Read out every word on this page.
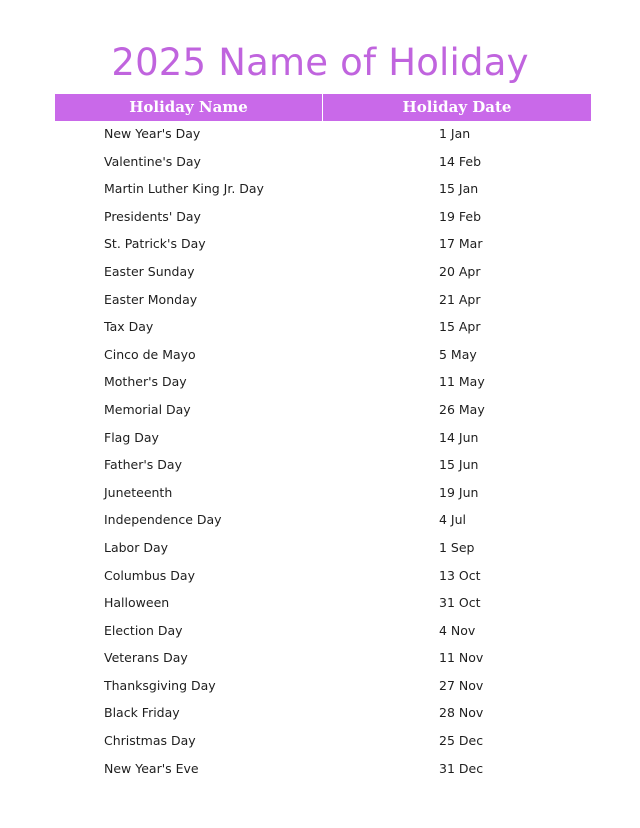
2025 Name of Holiday
Holiday Name	Holiday Date
New Year's Day	1 Jan
Valentine's Day	14 Feb
Martin Luther King Jr. Day	15 Jan
Presidents' Day	19 Feb
St. Patrick's Day	17 Mar
Easter Sunday	20 Apr
Easter Monday	21 Apr
Tax Day	15 Apr
Cinco de Mayo	5 May
Mother's Day	11 May
Memorial Day	26 May
Flag Day	14 Jun
Father's Day	15 Jun
Juneteenth	19 Jun
Independence Day	4 Jul
Labor Day	1 Sep
Columbus Day	13 Oct
Halloween	31 Oct
Election Day	4 Nov
Veterans Day	11 Nov
Thanksgiving Day	27 Nov
Black Friday	28 Nov
Christmas Day	25 Dec
New Year's Eve	31 Dec
